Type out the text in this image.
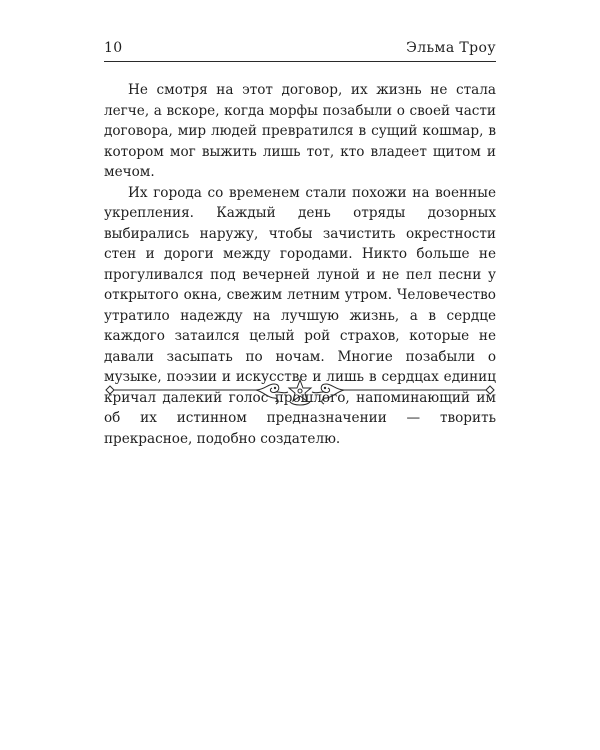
10	Эльма Троу

Не смотря на этот договор, их жизнь не стала легче, а вскоре, когда морфы позабыли о своей части договора, мир людей превратился в сущий кошмар, в котором мог выжить лишь тот, кто владеет щитом и мечом.

Их города со временем стали похожи на военные укрепления. Каждый день отряды дозорных выбирались наружу, чтобы зачистить окрестности стен и дороги между городами. Никто больше не прогуливался под вечерней луной и не пел песни у открытого окна, свежим летним утром. Человечество утратило надежду на лучшую жизнь, а в сердце каждого затаился целый рой страхов, которые не давали засыпать по ночам. Многие позабыли о музыке, поэзии и искусстве и лишь в сердцах единиц кричал далекий голос прошлого, напоминающий им об их истинном предназначении — творить прекрасное, подобно создателю.
